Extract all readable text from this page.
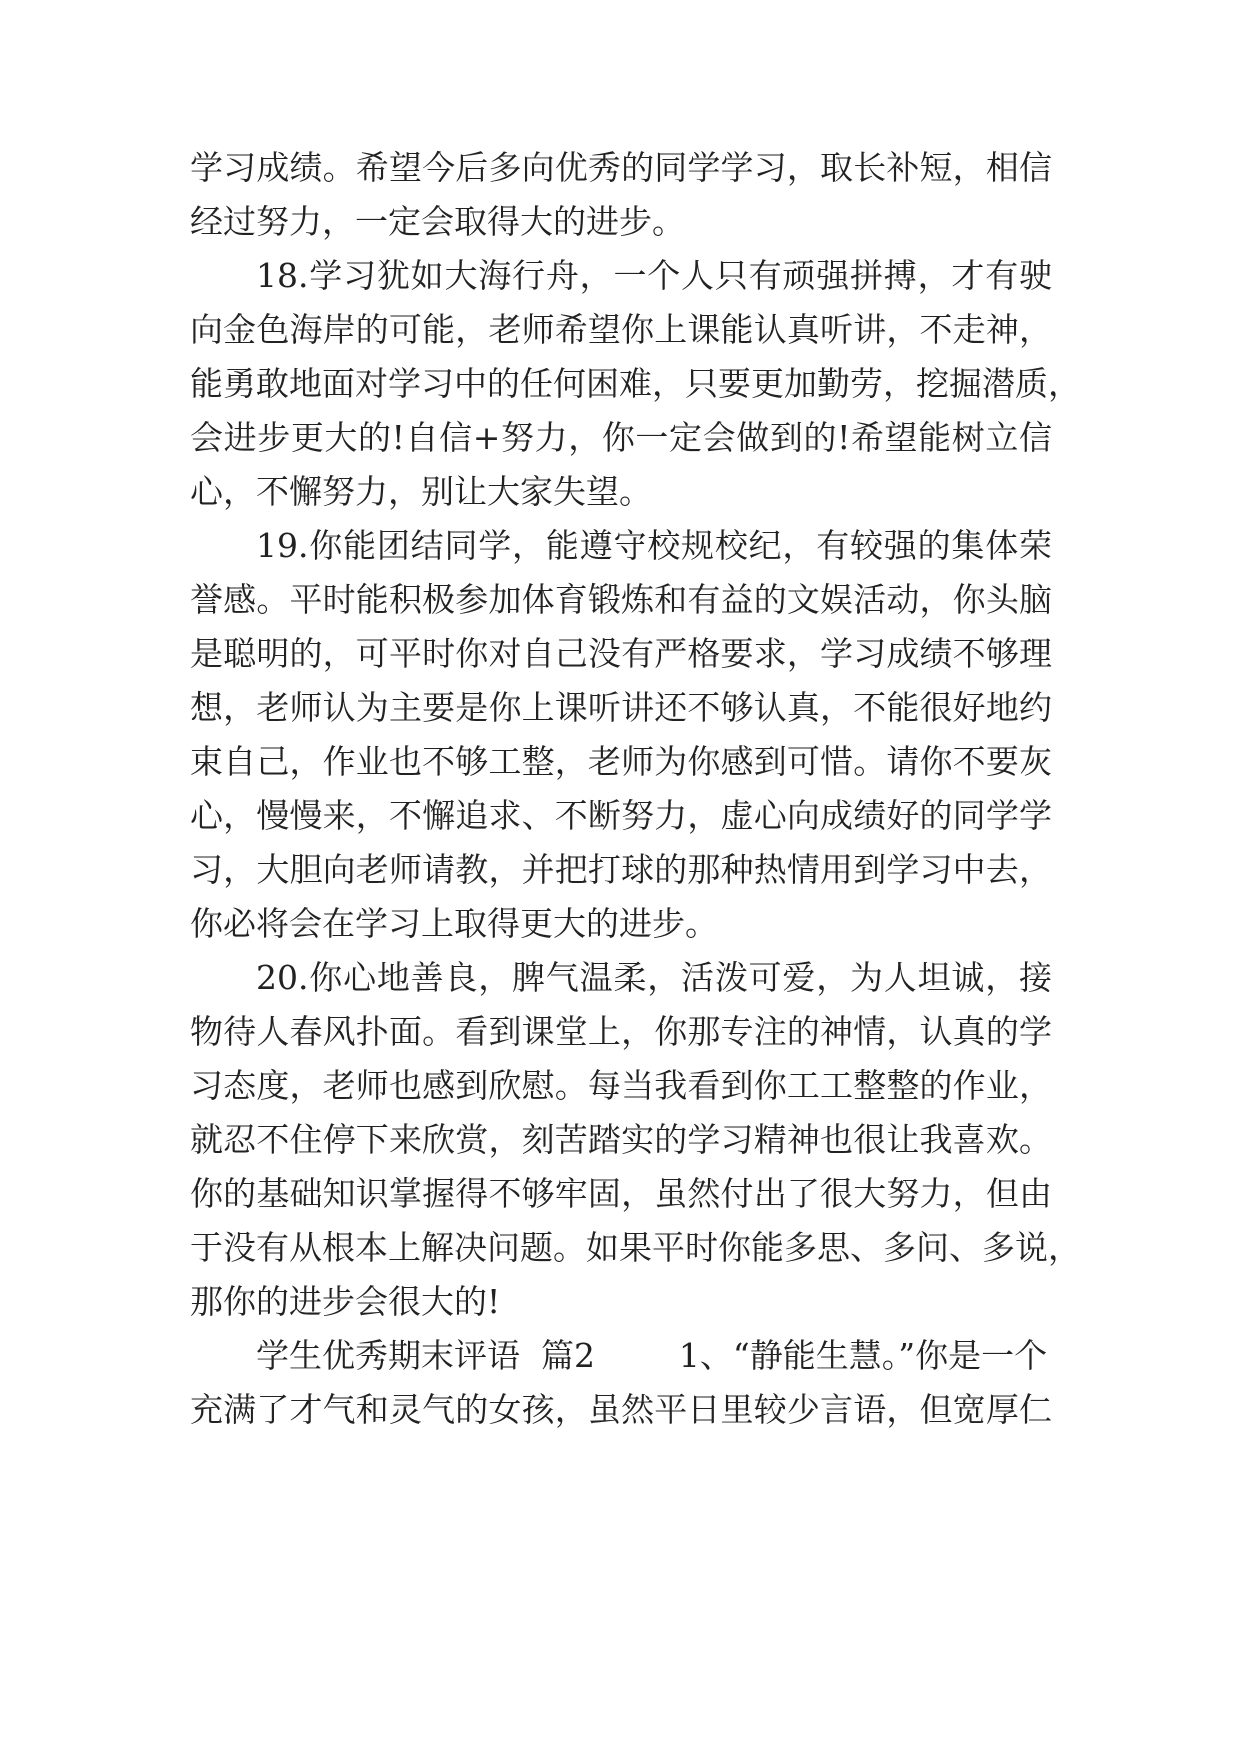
学习成绩。希望今后多向优秀的同学学习，取长补短，相信

经过努力，一定会取得大的进步。

18.学习犹如大海行舟，一个人只有顽强拼搏，才有驶

向金色海岸的可能，老师希望你上课能认真听讲，不走神，

能勇敢地面对学习中的任何困难，只要更加勤劳，挖掘潜质，

会进步更大的!自信+努力，你一定会做到的!希望能树立信

心，不懈努力，别让大家失望。

19.你能团结同学，能遵守校规校纪，有较强的集体荣

誉感。平时能积极参加体育锻炼和有益的文娱活动，你头脑

是聪明的，可平时你对自己没有严格要求，学习成绩不够理

想，老师认为主要是你上课听讲还不够认真，不能很好地约

束自己，作业也不够工整，老师为你感到可惜。请你不要灰

心，慢慢来，不懈追求、不断努力，虚心向成绩好的同学学

习，大胆向老师请教，并把打球的那种热情用到学习中去，

你必将会在学习上取得更大的进步。

20.你心地善良，脾气温柔，活泼可爱，为人坦诚，接

物待人春风扑面。看到课堂上，你那专注的神情，认真的学

习态度，老师也感到欣慰。每当我看到你工工整整的作业，

就忍不住停下来欣赏，刻苦踏实的学习精神也很让我喜欢。

你的基础知识掌握得不够牢固，虽然付出了很大努力，但由

于没有从根本上解决问题。如果平时你能多思、多问、多说，

那你的进步会很大的!

学生优秀期末评语  篇2        1、“静能生慧。”你是一个

充满了才气和灵气的女孩，虽然平日里较少言语，但宽厚仁
